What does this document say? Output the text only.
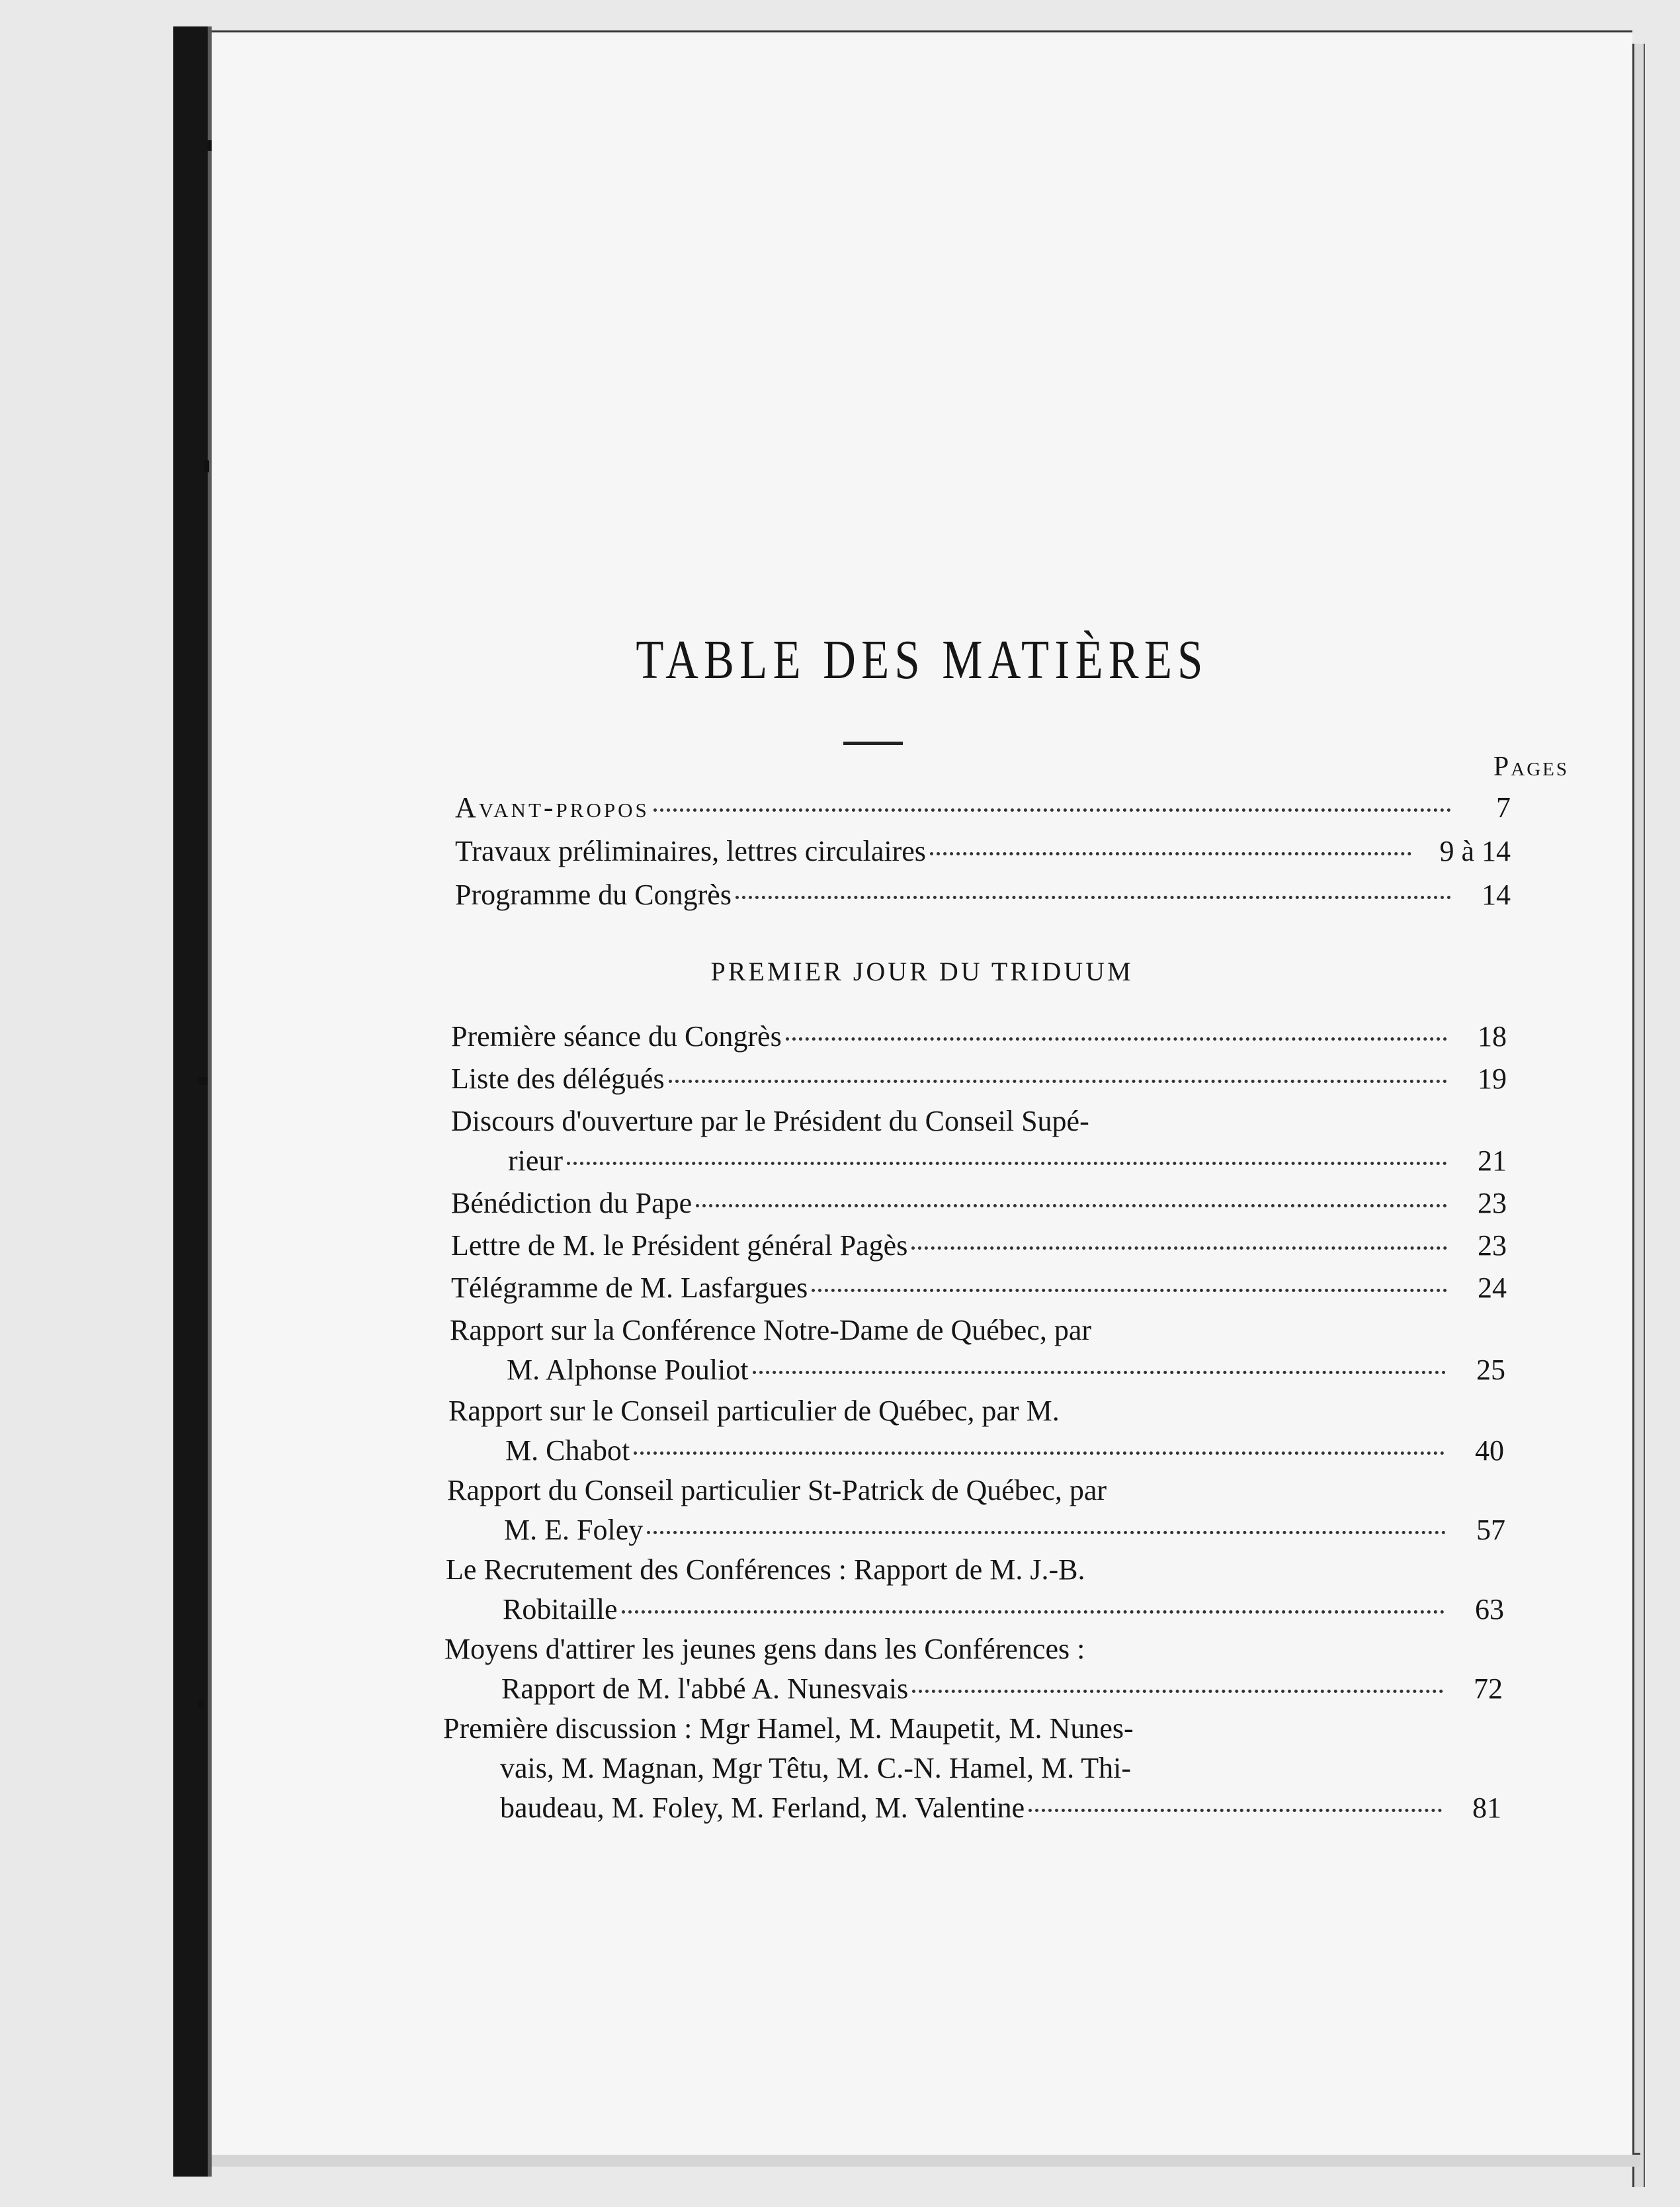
TABLE DES MATIÈRES
Pages
Avant-propos	7
Travaux préliminaires, lettres circulaires	9 à 14
Programme du Congrès	14
PREMIER JOUR DU TRIDUUM
Première séance du Congrès	18
Liste des délégués	19
Discours d'ouverture par le Président du Conseil Supé-
rieur	21
Bénédiction du Pape	23
Lettre de M. le Président général Pagès	23
Télégramme de M. Lasfargues	24
Rapport sur la Conférence Notre-Dame de Québec, par
M. Alphonse Pouliot	25
Rapport sur le Conseil particulier de Québec, par M.
M. Chabot	40
Rapport du Conseil particulier St-Patrick de Québec, par
M. E. Foley	57
Le Recrutement des Conférences : Rapport de M. J.-B.
Robitaille	63
Moyens d'attirer les jeunes gens dans les Conférences :
Rapport de M. l'abbé A. Nunesvais	72
Première discussion : Mgr Hamel, M. Maupetit, M. Nunes-
vais, M. Magnan, Mgr Têtu, M. C.-N. Hamel, M. Thi-
baudeau, M. Foley, M. Ferland, M. Valentine	81
